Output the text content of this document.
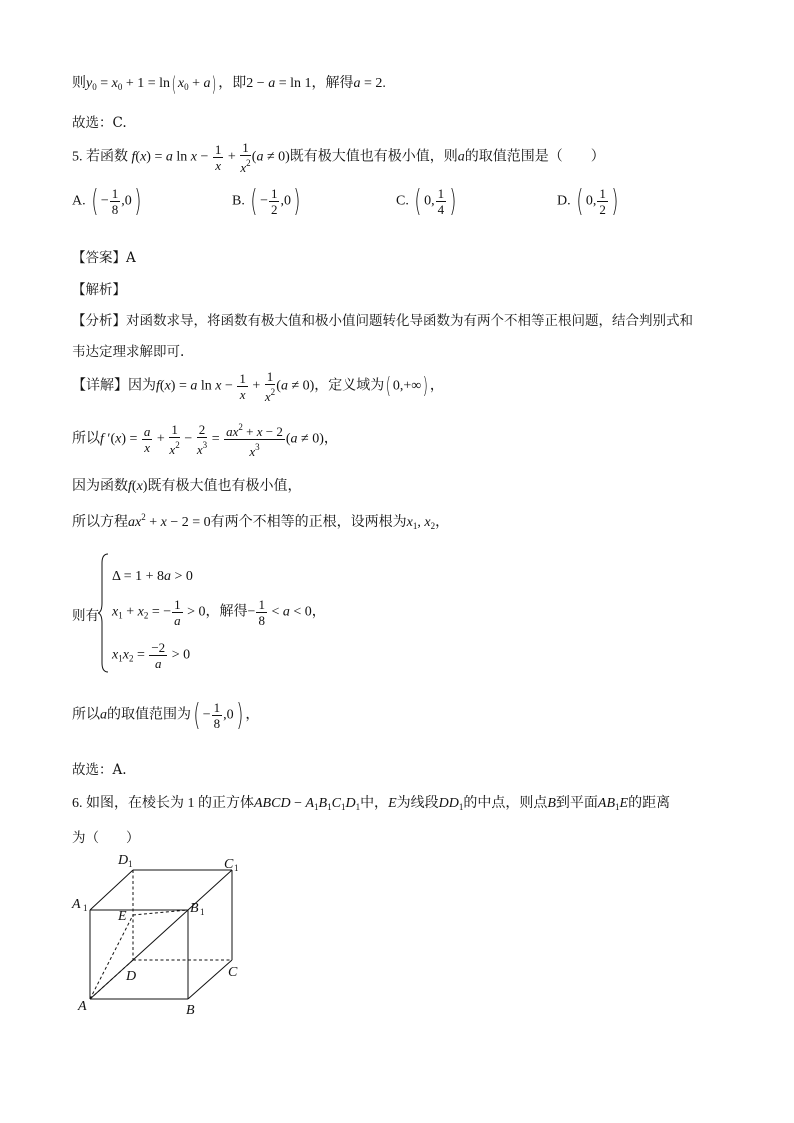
则$y_0 = x_0 + 1 = \ln$( $x_0 + a$) ，即2 − a = ln 1，解得a = 2.
故选：C.
5. 若函数 f(x) = a $\ln x - \frac{1}{x} + \frac{1}{x^2} (a \ne 0)$既有极大值也有极小值，则a的取值范围是（　　）
A. ( − $\frac{1}{8} ,0$)	B. ( − $\frac{1}{2} ,0$)	C. ( 0, $\frac{1}{4}$ )	D. ( 0, $\frac{1}{2}$ )
【答案】A
【解析】
【分析】对函数求导，将函数有极大值和极小值问题转化导函数为有两个不相等正根问题，结合判别式和
韦达定理求解即可.
【详解】因为f(x) = a $\ln x - \frac{1}{x} + \frac{1}{x^2} (a \ne 0)$，定义域为( 0,+∞) ，
所以f $'(x) = \frac{a}{x} + \frac{1}{x^2} - \frac{2}{x^3} = \frac{ax^2 + x - 2}{x^3} (a \ne 0)$，
因为函数f(x)既有极大值也有极小值，
所以方程$ax^2 + x - 2 = 0$有两个不相等的正根，设两根为$x_1$, $x_2$，
则有
Δ = 1 + 8a > 0
$x_1 + x_2$ = − $\frac{1}{a} > 0$，解得− $\frac{1}{8} < a < 0$，
$x_1x_2 = \frac{-2}{a} > 0$
所以a的取值范围为( − $\frac{1}{8} ,0$) ，
故选：A.
6. 如图，在棱长为 1 的正方体ABCD − $A_1B_1C_1D_1$中，E为线段$DD_1$的中点，则点B到平面$AB_1E$的距离
为（　　）
A	B
C
D
E
A	B
C
D
1	1
1
1
